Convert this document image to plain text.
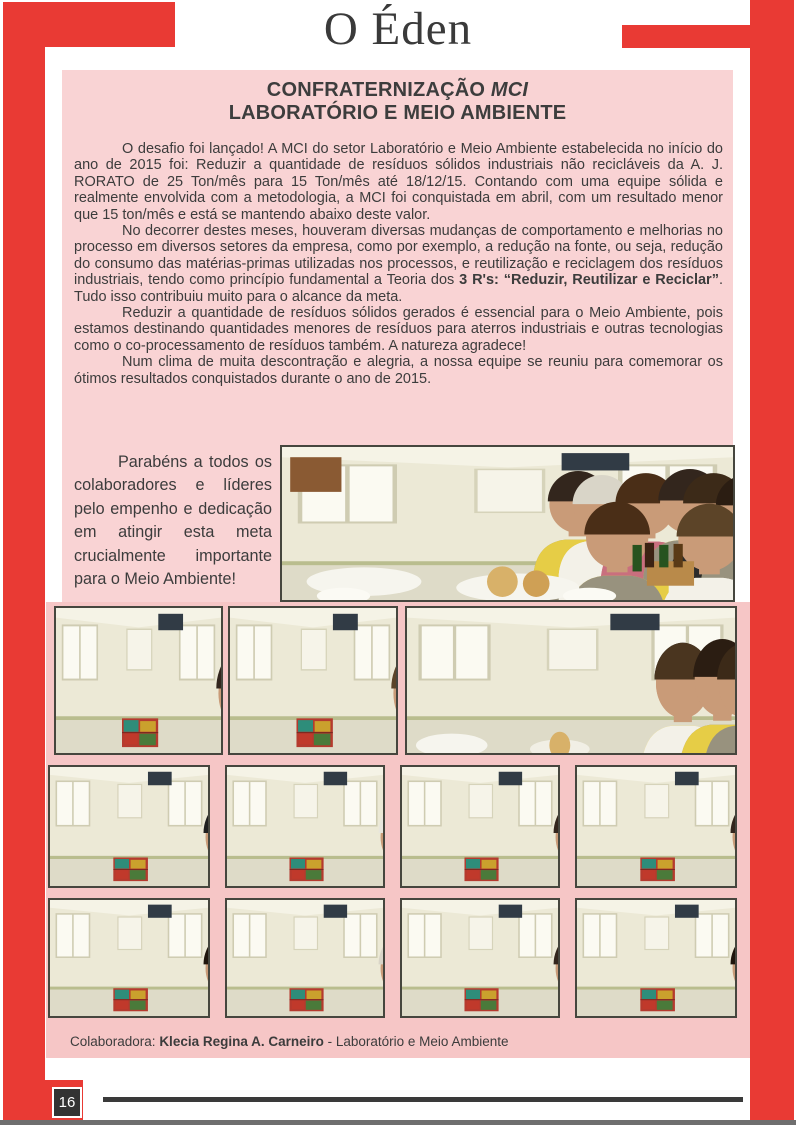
O Éden
CONFRATERNIZAÇÃO MCI
LABORATÓRIO E MEIO AMBIENTE

O desafio foi lançado! A MCI do setor Laboratório e Meio Ambiente estabelecida no início do ano de 2015 foi: Reduzir a quantidade de resíduos sólidos industriais não recicláveis da A. J. RORATO de 25 Ton/mês para 15 Ton/mês até 18/12/15. Contando com uma equipe sólida e realmente envolvida com a metodologia, a MCI foi conquistada em abril, com um resultado menor que 15 ton/mês e está se mantendo abaixo deste valor.

No decorrer destes meses, houveram diversas mudanças de comportamento e melhorias no processo em diversos setores da empresa, como por exemplo, a redução na fonte, ou seja, redução do consumo das matérias-primas utilizadas nos processos, e reutilização e reciclagem dos resíduos industriais, tendo como princípio fundamental a Teoria dos 3 R's: “Reduzir, Reutilizar e Reciclar”. Tudo isso contribuiu muito para o alcance da meta.

Reduzir a quantidade de resíduos sólidos gerados é essencial para o Meio Ambiente, pois estamos destinando quantidades menores de resíduos para aterros industriais e outras tecnologias como o co-processamento de resíduos também. A natureza agradece!

Num clima de muita descontração e alegria, a nossa equipe se reuniu para comemorar os ótimos resultados conquistados durante o ano de 2015.

Parabéns a todos os colaboradores e líderes pelo empenho e dedicação em atingir esta meta crucialmente importante para o Meio Ambiente!

Colaboradora: Klecia Regina A. Carneiro - Laboratório e Meio Ambiente
16
